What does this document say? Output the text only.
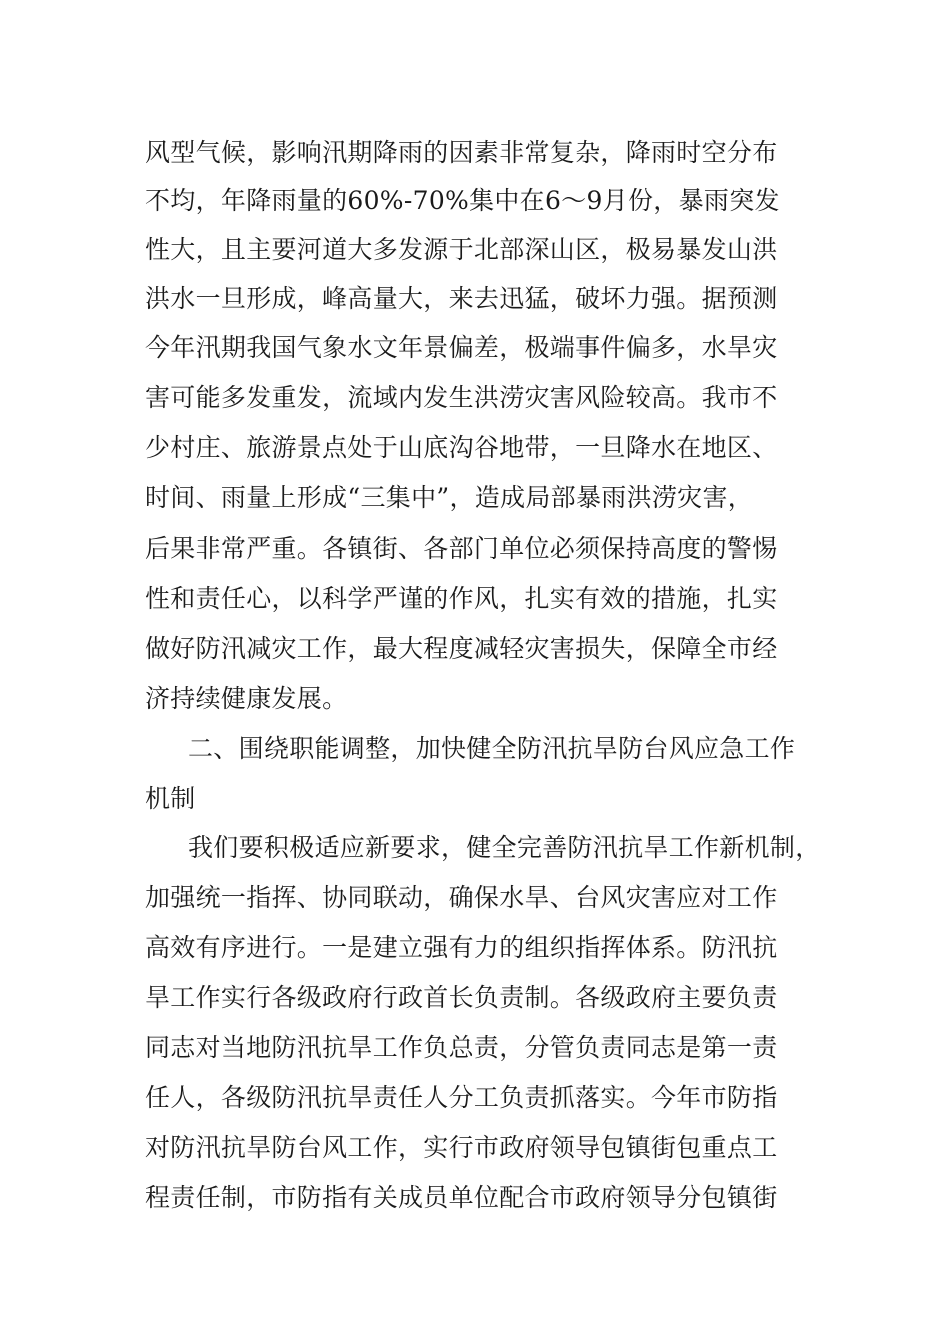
风型气候，影响汛期降雨的因素非常复杂，降雨时空分布
不均，年降雨量的60%-70%集中在6～9月份，暴雨突发
性大，且主要河道大多发源于北部深山区，极易暴发山洪
洪水一旦形成，峰高量大，来去迅猛，破坏力强。据预测
今年汛期我国气象水文年景偏差，极端事件偏多，水旱灾
害可能多发重发，流域内发生洪涝灾害风险较高。我市不
少村庄、旅游景点处于山底沟谷地带，一旦降水在地区、
时间、雨量上形成“三集中”，造成局部暴雨洪涝灾害，
后果非常严重。各镇街、各部门单位必须保持高度的警惕
性和责任心，以科学严谨的作风，扎实有效的措施，扎实
做好防汛减灾工作，最大程度减轻灾害损失，保障全市经
济持续健康发展。
二、围绕职能调整，加快健全防汛抗旱防台风应急工作
机制
我们要积极适应新要求，健全完善防汛抗旱工作新机制，
加强统一指挥、协同联动，确保水旱、台风灾害应对工作
高效有序进行。一是建立强有力的组织指挥体系。防汛抗
旱工作实行各级政府行政首长负责制。各级政府主要负责
同志对当地防汛抗旱工作负总责，分管负责同志是第一责
任人，各级防汛抗旱责任人分工负责抓落实。今年市防指
对防汛抗旱防台风工作，实行市政府领导包镇街包重点工
程责任制，市防指有关成员单位配合市政府领导分包镇街
